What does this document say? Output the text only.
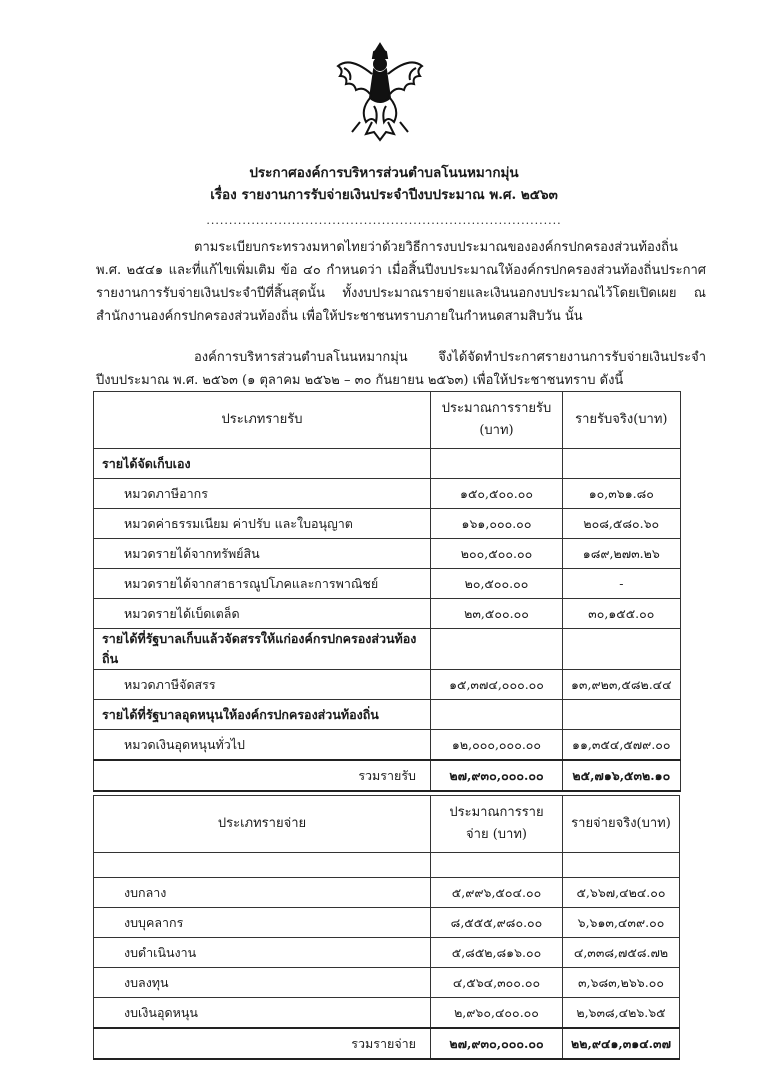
ประกาศองค์การบริหารส่วนตำบลโนนหมากมุ่น
เรื่อง รายงานการรับจ่ายเงินประจำปีงบประมาณ พ.ศ. ๒๕๖๓
...............................................................................
ตามระเบียบกระทรวงมหาดไทยว่าด้วยวิธีการงบประมาณขององค์กรปกครองส่วนท้องถิ่น พ.ศ. ๒๕๔๑ และที่แก้ไขเพิ่มเติม ข้อ ๔๐ กำหนดว่า เมื่อสิ้นปีงบประมาณให้องค์กรปกครองส่วนท้องถิ่นประกาศรายงานการรับจ่ายเงินประจำปีที่สิ้นสุดนั้น ทั้งงบประมาณรายจ่ายและเงินนอกงบประมาณไว้โดยเปิดเผย ณ สำนักงานองค์กรปกครองส่วนท้องถิ่น เพื่อให้ประชาชนทราบภายในกำหนดสามสิบวัน นั้น
องค์การบริหารส่วนตำบลโนนหมากมุ่น จึงได้จัดทำประกาศรายงานการรับจ่ายเงินประจำปีงบประมาณ พ.ศ. ๒๕๖๓ (๑ ตุลาคม ๒๕๖๒ – ๓๐ กันยายน ๒๕๖๓) เพื่อให้ประชาชนทราบ ดังนี้
ประเภทรายรับ	ประมาณการรายรับ (บาท)	รายรับจริง(บาท)
รายได้จัดเก็บเอง		
หมวดภาษีอากร	๑๕๐,๕๐๐.๐๐	๑๐,๓๖๑.๘๐
หมวดค่าธรรมเนียม ค่าปรับ และใบอนุญาต	๑๖๑,๐๐๐.๐๐	๒๐๘,๕๘๐.๖๐
หมวดรายได้จากทรัพย์สิน	๒๐๐,๕๐๐.๐๐	๑๘๙,๒๗๓.๒๖
หมวดรายได้จากสาธารณูปโภคและการพาณิชย์	๒๐,๕๐๐.๐๐	-
หมวดรายได้เบ็ดเตล็ด	๒๓,๕๐๐.๐๐	๓๐,๑๕๕.๐๐
รายได้ที่รัฐบาลเก็บแล้วจัดสรรให้แก่องค์กรปกครองส่วนท้องถิ่น		
หมวดภาษีจัดสรร	๑๕,๓๗๔,๐๐๐.๐๐	๑๓,๙๒๓,๕๘๒.๔๔
รายได้ที่รัฐบาลอุดหนุนให้องค์กรปกครองส่วนท้องถิ่น		
หมวดเงินอุดหนุนทั่วไป	๑๒,๐๐๐,๐๐๐.๐๐	๑๑,๓๕๔,๕๗๙.๐๐
รวมรายรับ	๒๗,๙๓๐,๐๐๐.๐๐	๒๕,๗๑๖,๕๓๒.๑๐
ประเภทรายจ่าย	ประมาณการรายจ่าย (บาท)	รายจ่ายจริง(บาท)

งบกลาง	๕,๙๙๖,๕๐๔.๐๐	๕,๖๖๗,๔๒๔.๐๐
งบบุคลากร	๘,๕๕๕,๙๘๐.๐๐	๖,๖๑๓,๔๓๙.๐๐
งบดำเนินงาน	๕,๘๕๒,๘๑๖.๐๐	๔,๓๓๘,๗๕๘.๗๒
งบลงทุน	๔,๕๖๔,๓๐๐.๐๐	๓,๖๘๓,๒๖๖.๐๐
งบเงินอุดหนุน	๒,๙๖๐,๔๐๐.๐๐	๒,๖๓๘,๔๒๖.๖๕
รวมรายจ่าย	๒๗,๙๓๐,๐๐๐.๐๐	๒๒,๙๔๑,๓๑๔.๓๗
